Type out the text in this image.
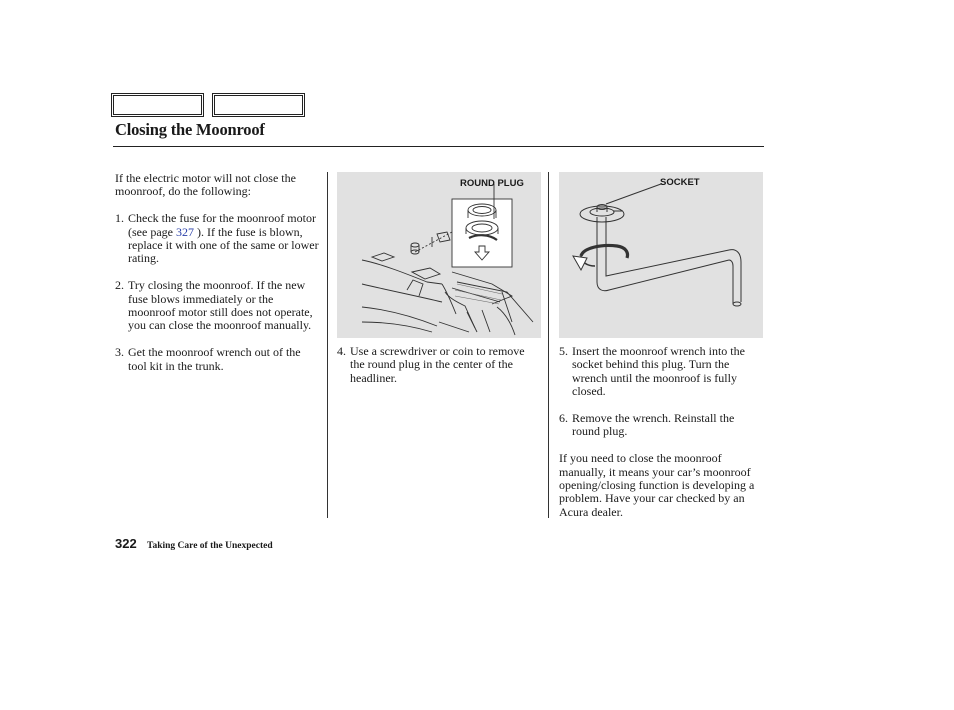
Closing the Moonroof

If the electric motor will not close the moonroof, do the following:

1. Check the fuse for the moonroof motor (see page 327 ). If the fuse is blown, replace it with one of the same or lower rating.
2. Try closing the moonroof. If the new fuse blows immediately or the moonroof motor still does not operate, you can close the moonroof manually.
3. Get the moonroof wrench out of the tool kit in the trunk.
ROUND PLUG	SOCKET
4. Use a screwdriver or coin to remove the round plug in the center of the headliner.
5. Insert the moonroof wrench into the socket behind this plug. Turn the wrench until the moonroof is fully closed.
6. Remove the wrench. Reinstall the round plug.

If you need to close the moonroof manually, it means your car’s moonroof opening/closing function is developing a problem. Have your car checked by an Acura dealer.

322 Taking Care of the Unexpected
